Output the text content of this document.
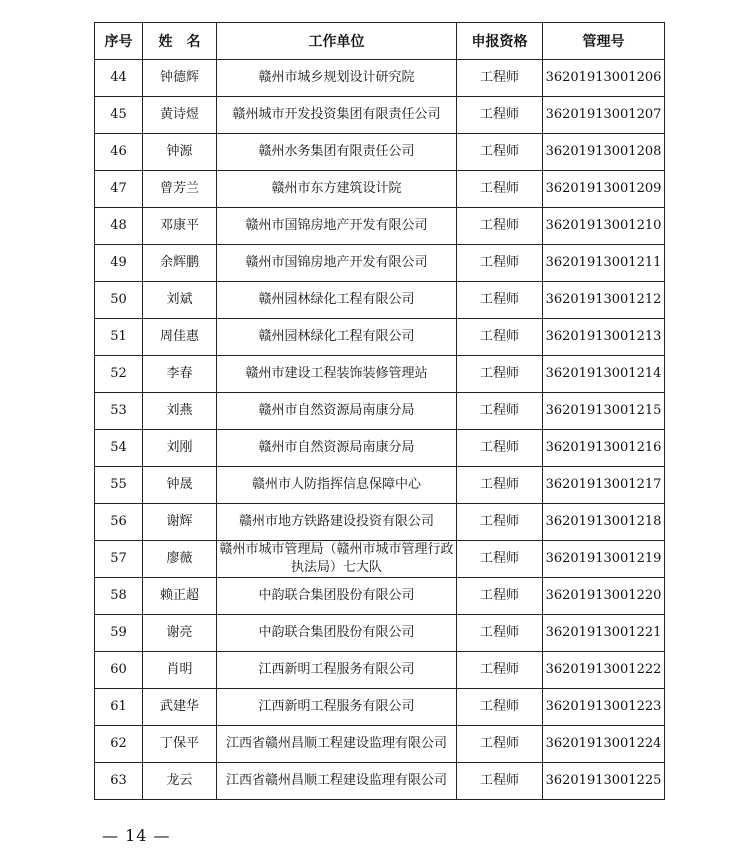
序号	姓　名	工作单位	申报资格	管理号
44	钟德辉	赣州市城乡规划设计研究院	工程师	36201913001206
45	黄诗煜	赣州城市开发投资集团有限责任公司	工程师	36201913001207
46	钟源	赣州水务集团有限责任公司	工程师	36201913001208
47	曾芳兰	赣州市东方建筑设计院	工程师	36201913001209
48	邓康平	赣州市国锦房地产开发有限公司	工程师	36201913001210
49	余辉鹏	赣州市国锦房地产开发有限公司	工程师	36201913001211
50	刘斌	赣州园林绿化工程有限公司	工程师	36201913001212
51	周佳惠	赣州园林绿化工程有限公司	工程师	36201913001213
52	李春	赣州市建设工程装饰装修管理站	工程师	36201913001214
53	刘燕	赣州市自然资源局南康分局	工程师	36201913001215
54	刘刚	赣州市自然资源局南康分局	工程师	36201913001216
55	钟晟	赣州市人防指挥信息保障中心	工程师	36201913001217
56	谢辉	赣州市地方铁路建设投资有限公司	工程师	36201913001218
57	廖薇	赣州市城市管理局（赣州市城市管理行政执法局）七大队	工程师	36201913001219
58	赖正超	中韵联合集团股份有限公司	工程师	36201913001220
59	谢亮	中韵联合集团股份有限公司	工程师	36201913001221
60	肖明	江西新明工程服务有限公司	工程师	36201913001222
61	武建华	江西新明工程服务有限公司	工程师	36201913001223
62	丁保平	江西省赣州昌顺工程建设监理有限公司	工程师	36201913001224
63	龙云	江西省赣州昌顺工程建设监理有限公司	工程师	36201913001225
— 14 —
